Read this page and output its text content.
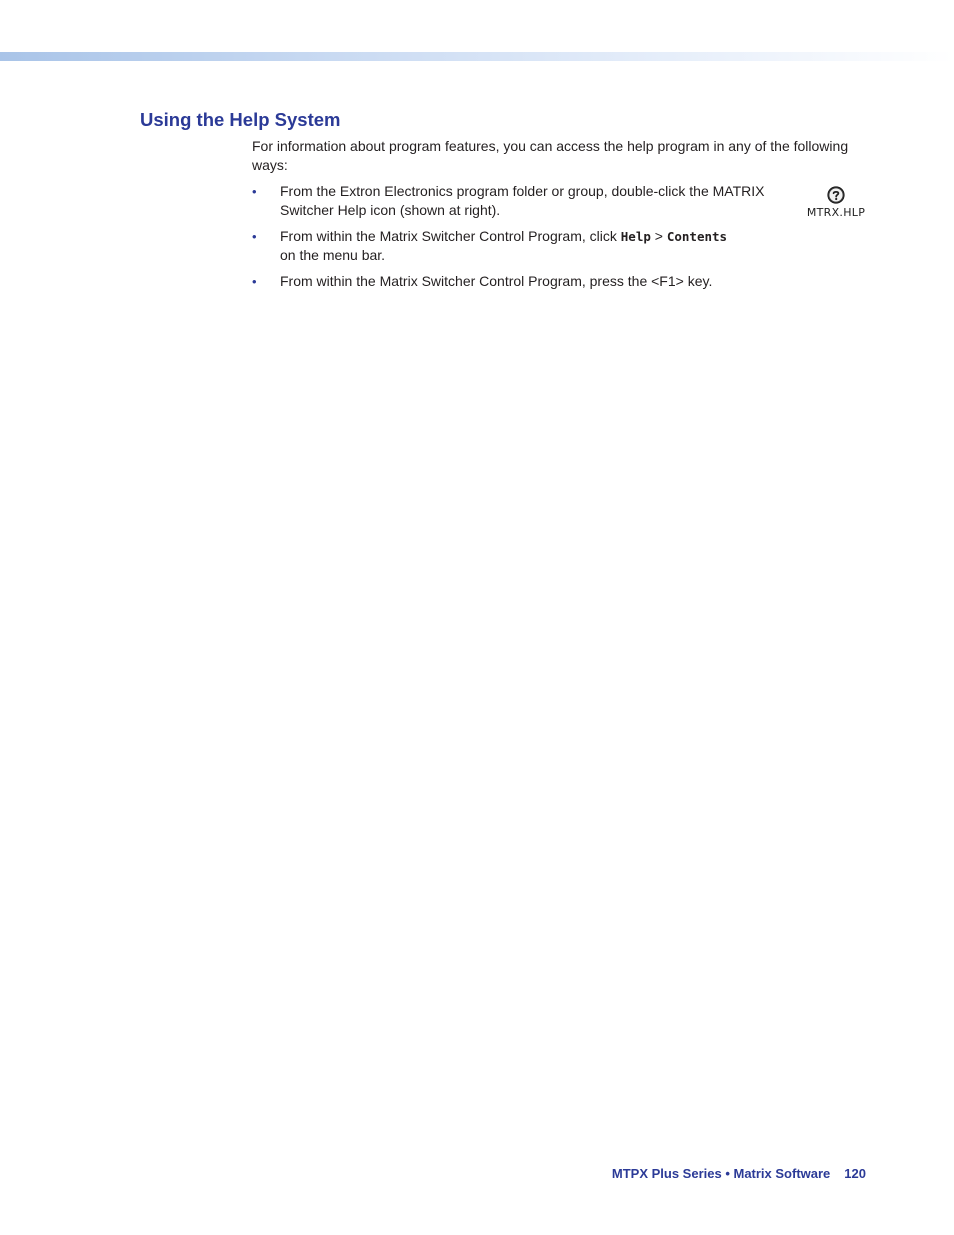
Using the Help System

For information about program features, you can access the help program in any of the following ways:

• From the Extron Electronics program folder or group, double-click the MATRIX Switcher Help icon (shown at right).
• From within the Matrix Switcher Control Program, click Help > Contents
on the menu bar.
• From within the Matrix Switcher Control Program, press the <F1> key.
MTRX.HLP
MTPX Plus Series • Matrix Software 120
